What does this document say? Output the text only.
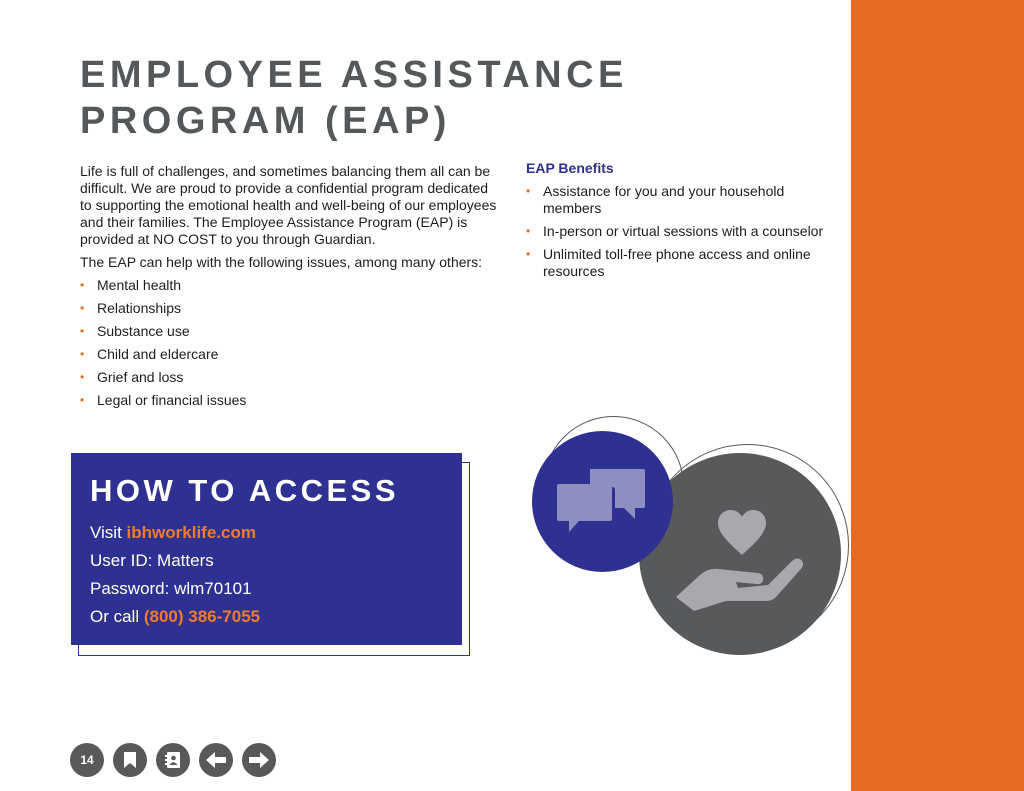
EMPLOYEE ASSISTANCE
PROGRAM (EAP)

Life is full of challenges, and sometimes balancing them all can be difficult. We are proud to provide a confidential program dedicated to supporting the emotional health and well-being of our employees and their families. The Employee Assistance Program (EAP) is provided at NO COST to you through Guardian.

The EAP can help with the following issues, among many others:

• Mental health
• Relationships
• Substance use
• Child and eldercare
• Grief and loss
• Legal or financial issues
EAP Benefits
• Assistance for you and your household members
• In-person or virtual sessions with a counselor
• Unlimited toll-free phone access and online resources
HOW TO ACCESS
Visit ibhworklife.com
User ID: Matters
Password: wlm70101
Or call (800) 386-7055
14
